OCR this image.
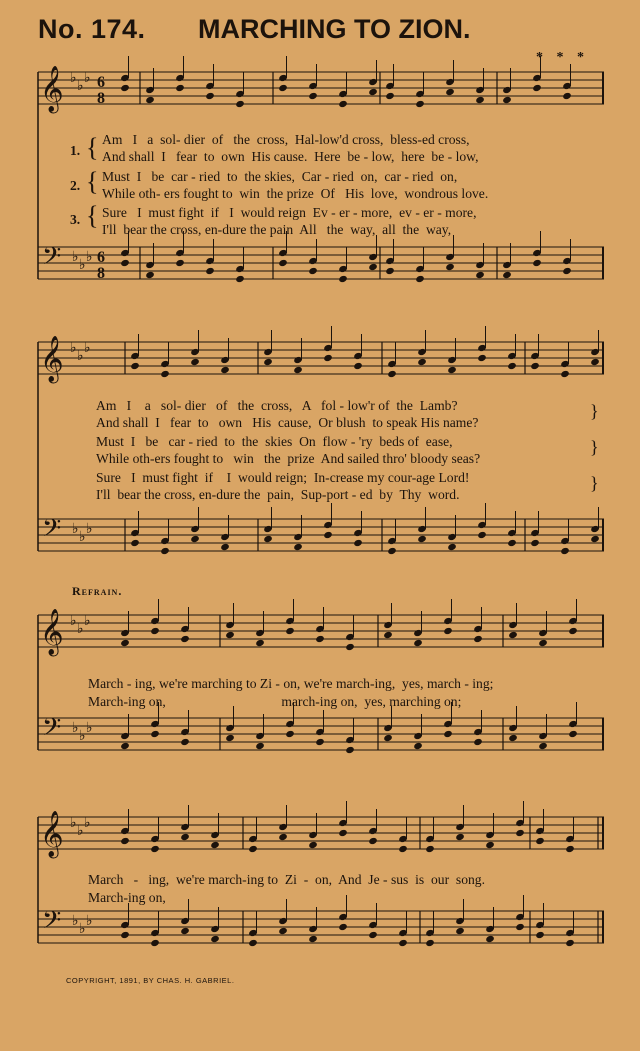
No. 174. MARCHING TO ZION.
* * *
𝄞
𝄢
♭ ♭ ♭
♭ ♭ ♭
6
8
6
8
𝄞
𝄢
♭ ♭ ♭
♭ ♭ ♭
𝄞
𝄢
♭ ♭ ♭
♭ ♭ ♭
𝄞
𝄢
♭ ♭ ♭
♭ ♭ ♭
1.
2.
3.
{
{
{
Am   I   a  sol- dier  of   the  cross,  Hal-low'd cross,  bless-ed cross,
And shall  I   fear  to  own  His cause.  Here  be - low,  here  be - low,
Must  I   be  car - ried  to  the skies,  Car - ried  on,  car - ried  on,
While oth- ers fought to  win  the prize  Of   His  love,  wondrous love.
Sure   I  must fight  if   I  would reign  Ev - er - more,  ev - er - more,
I'll  bear the cross, en-dure the pain  All   the  way,  all  the  way,
Am   I    a   sol- dier   of   the  cross,   A   fol - low'r of  the  Lamb?
And shall  I   fear  to   own   His  cause,  Or blush  to speak His name?
Must  I   be   car - ried  to  the  skies  On  flow - 'ry  beds of  ease,
While oth-ers fought to   win   the  prize  And sailed thro' bloody seas?
Sure   I  must fight  if    I  would reign;  In-crease my cour-age Lord!
I'll  bear the cross, en-dure the  pain,  Sup-port - ed  by  Thy  word.
}
}
}
Refrain.
March - ing, we're marching to Zi - on, we're march-ing,  yes, march - ing;
March-ing on,                                  march-ing on,  yes, marching on;
March   -   ing,  we're march-ing to  Zi  -  on,  And  Je - sus  is  our  song.
March-ing on,
COPYRIGHT, 1891, BY CHAS. H. GABRIEL.
